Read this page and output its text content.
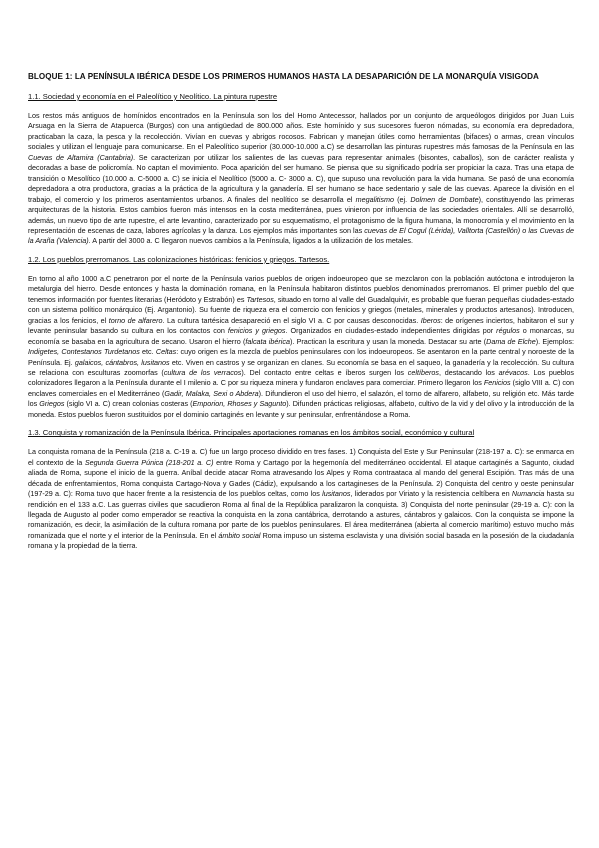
BLOQUE 1: LA PENÍNSULA IBÉRICA DESDE LOS PRIMEROS HUMANOS HASTA LA DESAPARICIÓN DE LA MONARQUÍA VISIGODA
1.1. Sociedad y economía en el Paleolítico y Neolítico. La pintura rupestre
Los restos más antiguos de homínidos encontrados en la Península son los del Homo Antecessor, hallados por un conjunto de arqueólogos dirigidos por Juan Luis Arsuaga en la Sierra de Atapuerca (Burgos) con una antigüedad de 800.000 años. Este homínido y sus sucesores fueron nómadas, su economía era depredadora, practicaban la caza, la pesca y la recolección. Vivían en cuevas y abrigos rocosos. Fabrican y manejan útiles como herramientas (bifaces) o armas, crean vínculos sociales y utilizan el lenguaje para comunicarse. En el Paleolítico superior (30.000-10.000 a.C) se desarrollan las pinturas rupestres más famosas de la Península en las Cuevas de Altamira (Cantabria). Se caracterizan por utilizar los salientes de las cuevas para representar animales (bisontes, caballos), son de carácter realista y decoradas a base de policromía. No captan el movimiento. Poca aparición del ser humano. Se piensa que su significado podría ser propiciar la caza. Tras una etapa de transición o Mesolítico (10.000 a. C-5000 a. C) se inicia el Neolítico (5000 a. C- 3000 a. C), que supuso una revolución para la vida humana. Se pasó de una economía depredadora a otra productora, gracias a la práctica de la agricultura y la ganadería. El ser humano se hace sedentario y sale de las cuevas. Aparece la división en el trabajo, el comercio y los primeros asentamientos urbanos. A finales del neolítico se desarrolla el megalitismo (ej. Dolmen de Dombate), constituyendo las primeras arquitecturas de la historia. Estos cambios fueron más intensos en la costa mediterránea, pues vinieron por influencia de las sociedades orientales. Allí se desarrolló, además, un nuevo tipo de arte rupestre, el arte levantino, caracterizado por su esquematismo, el protagonismo de la figura humana, la monocromía y el movimiento en la representación de escenas de caza, labores agrícolas y la danza. Los ejemplos más importantes son las cuevas de El Cogul (Lérida), Valltorta (Castellón) o las Cuevas de la Araña (Valencia). A partir del 3000 a. C llegaron nuevos cambios a la Península, ligados a la utilización de los metales.
1.2. Los pueblos prerromanos. Las colonizaciones históricas: fenicios y griegos. Tartesos.
En torno al año 1000 a.C penetraron por el norte de la Península varios pueblos de origen indoeuropeo que se mezclaron con la población autóctona e introdujeron la metalurgia del hierro. Desde entonces y hasta la dominación romana, en la Península habitaron distintos pueblos denominados prerromanos. El primer pueblo del que tenemos información por fuentes literarias (Heródoto y Estrabón) es Tartesos, situado en torno al valle del Guadalquivir, es probable que fueran pequeñas ciudades-estado con un sistema político monárquico (Ej. Argantonio). Su fuente de riqueza era el comercio con fenicios y griegos (metales, minerales y productos artesanos). Introducen, gracias a los fenicios, el torno de alfarero. La cultura tartésica desapareció en el siglo VI a. C por causas desconocidas. Iberos: de orígenes inciertos, habitaron el sur y levante peninsular basando su cultura en los contactos con fenicios y griegos. Organizados en ciudades-estado independientes dirigidas por régulos o monarcas, su economía se basaba en la agricultura de secano. Usaron el hierro (falcata ibérica). Practican la escritura y usan la moneda. Destacar su arte (Dama de Elche). Ejemplos: Indigetes, Contestanos Turdetanos etc. Celtas: cuyo origen es la mezcla de pueblos peninsulares con los indoeuropeos. Se asentaron en la parte central y noroeste de la Península. Ej. galaicos, cántabros, lusitanos etc. Viven en castros y se organizan en clanes. Su economía se basa en el saqueo, la ganadería y la recolección. Su cultura se relaciona con esculturas zoomorfas (cultura de los verracos). Del contacto entre celtas e íberos surgen los celtíberos, destacando los arévacos. Los pueblos colonizadores llegaron a la Península durante el I milenio a. C por su riqueza minera y fundaron enclaves para comerciar. Primero llegaron los Fenicios (siglo VIII a. C) con enclaves comerciales en el Mediterráneo (Gadir, Malaka, Sexi o Abdera). Difundieron el uso del hierro, el salazón, el torno de alfarero, alfabeto, su religión etc. Más tarde los Griegos (siglo VI a. C) crean colonias costeras (Emporion, Rhoses y Sagunto). Difunden prácticas religiosas, alfabeto, cultivo de la vid y del olivo y la introducción de la moneda. Estos pueblos fueron sustituidos por el dominio cartaginés en levante y sur peninsular, enfrentándose a Roma.
1.3. Conquista y romanización de la Península Ibérica. Principales aportaciones romanas en los ámbitos social, económico y cultural
La conquista romana de la Península (218 a. C-19 a. C) fue un largo proceso dividido en tres fases. 1) Conquista del Este y Sur Peninsular (218-197 a. C): se enmarca en el contexto de la Segunda Guerra Púnica (218-201 a. C) entre Roma y Cartago por la hegemonía del mediterráneo occidental. El ataque cartaginés a Sagunto, ciudad aliada de Roma, supone el inicio de la guerra. Aníbal decide atacar Roma atravesando los Alpes y Roma contraataca al mando del general Escipión. Tras más de una década de enfrentamientos, Roma conquista Cartago-Nova y Gades (Cádiz), expulsando a los cartagineses de la Península. 2) Conquista del centro y oeste peninsular (197-29 a. C): Roma tuvo que hacer frente a la resistencia de los pueblos celtas, como los lusitanos, liderados por Viriato y la resistencia celtíbera en Numancia hasta su rendición en el 133 a.C. Las guerras civiles que sacudieron Roma al final de la República paralizaron la conquista. 3) Conquista del norte peninsular (29-19 a. C): con la llegada de Augusto al poder como emperador se reactiva la conquista en la zona cantábrica, derrotando a astures, cántabros y galaicos. Con la conquista se impone la romanización, es decir, la asimilación de la cultura romana por parte de los pueblos peninsulares. El área mediterránea (abierta al comercio marítimo) estuvo mucho más romanizada que el norte y el interior de la Península. En el ámbito social Roma impuso un sistema esclavista y una división social basada en la posesión de la ciudadanía romana y la propiedad de la tierra.
